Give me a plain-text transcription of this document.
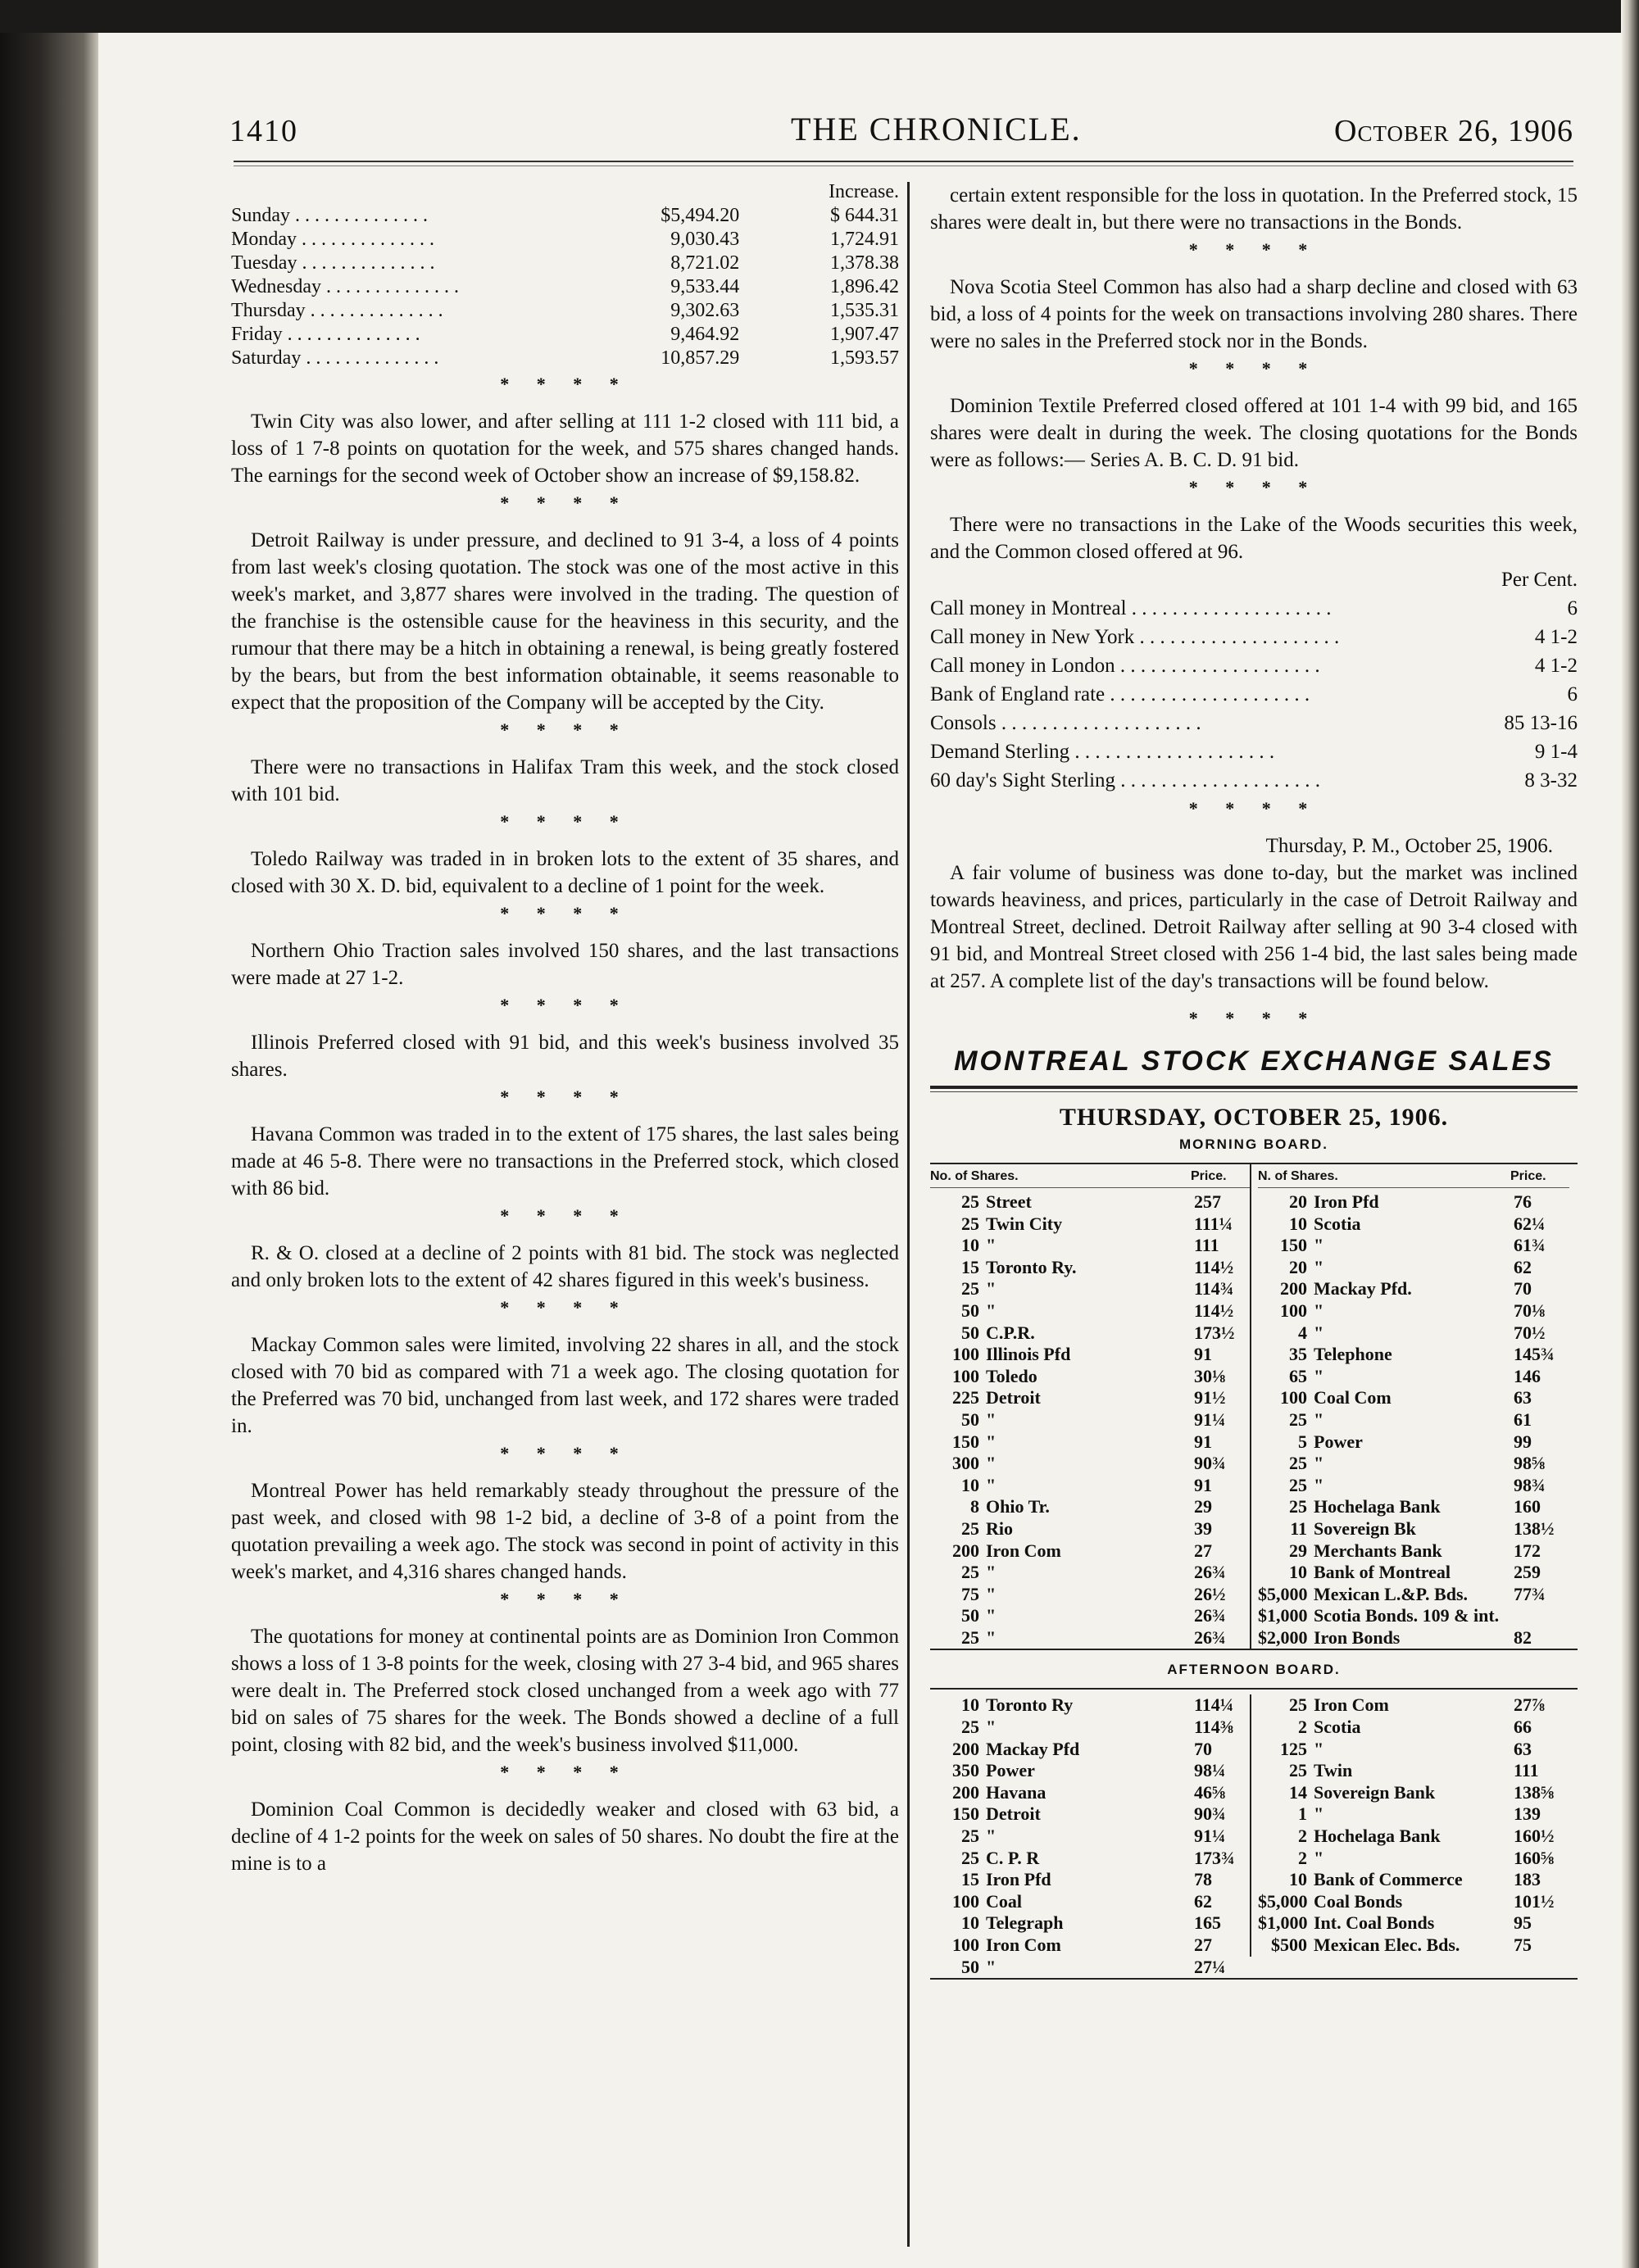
1410	THE CHRONICLE.	October 26, 1906
		Increase.
Sunday . . . . . . . . . . . . . .	$5,494.20	$ 644.31
Monday . . . . . . . . . . . . . .	9,030.43	1,724.91
Tuesday . . . . . . . . . . . . . .	8,721.02	1,378.38
Wednesday . . . . . . . . . . . . . .	9,533.44	1,896.42
Thursday . . . . . . . . . . . . . .	9,302.63	1,535.31
Friday . . . . . . . . . . . . . .	9,464.92	1,907.47
Saturday . . . . . . . . . . . . . .	10,857.29	1,593.57
* * * *

Twin City was also lower, and after selling at 111 1-2 closed with 111 bid, a loss of 1 7-8 points on quotation for the week, and 575 shares changed hands. The earnings for the second week of October show an increase of $9,158.82.

* * * *

Detroit Railway is under pressure, and declined to 91 3-4, a loss of 4 points from last week's closing quotation. The stock was one of the most active in this week's market, and 3,877 shares were involved in the trading. The question of the franchise is the ostensible cause for the heaviness in this security, and the rumour that there may be a hitch in obtaining a renewal, is being greatly fostered by the bears, but from the best information obtainable, it seems reasonable to expect that the proposition of the Company will be accepted by the City.

* * * *

There were no transactions in Halifax Tram this week, and the stock closed with 101 bid.

* * * *

Toledo Railway was traded in in broken lots to the extent of 35 shares, and closed with 30 X. D. bid, equivalent to a decline of 1 point for the week.

* * * *

Northern Ohio Traction sales involved 150 shares, and the last transactions were made at 27 1-2.

* * * *

Illinois Preferred closed with 91 bid, and this week's business involved 35 shares.

* * * *

Havana Common was traded in to the extent of 175 shares, the last sales being made at 46 5-8. There were no transactions in the Preferred stock, which closed with 86 bid.

* * * *

R. & O. closed at a decline of 2 points with 81 bid. The stock was neglected and only broken lots to the extent of 42 shares figured in this week's business.

* * * *

Mackay Common sales were limited, involving 22 shares in all, and the stock closed with 70 bid as compared with 71 a week ago. The closing quotation for the Preferred was 70 bid, unchanged from last week, and 172 shares were traded in.

* * * *

Montreal Power has held remarkably steady throughout the pressure of the past week, and closed with 98 1-2 bid, a decline of 3-8 of a point from the quotation prevailing a week ago. The stock was second in point of activity in this week's market, and 4,316 shares changed hands.

* * * *

The quotations for money at continental points are as Dominion Iron Common shows a loss of 1 3-8 points for the week, closing with 27 3-4 bid, and 965 shares were dealt in. The Preferred stock closed unchanged from a week ago with 77 bid on sales of 75 shares for the week. The Bonds showed a decline of a full point, closing with 82 bid, and the week's business involved $11,000.

* * * *

Dominion Coal Common is decidedly weaker and closed with 63 bid, a decline of 4 1-2 points for the week on sales of 50 shares. No doubt the fire at the mine is to a

certain extent responsible for the loss in quotation. In the Preferred stock, 15 shares were dealt in, but there were no transactions in the Bonds.

* * * *

Nova Scotia Steel Common has also had a sharp decline and closed with 63 bid, a loss of 4 points for the week on transactions involving 280 shares. There were no sales in the Preferred stock nor in the Bonds.

* * * *

Dominion Textile Preferred closed offered at 101 1-4 with 99 bid, and 165 shares were dealt in during the week. The closing quotations for the Bonds were as follows:— Series A. B. C. D. 91 bid.

* * * *

There were no transactions in the Lake of the Woods securities this week, and the Common closed offered at 96.

	Per Cent.
Call money in Montreal . . . . . . . . . . . . . . . . . . . .	6
Call money in New York . . . . . . . . . . . . . . . . . . . .	4 1-2
Call money in London . . . . . . . . . . . . . . . . . . . .	4 1-2
Bank of England rate . . . . . . . . . . . . . . . . . . . .	6
Consols . . . . . . . . . . . . . . . . . . . .	85 13-16
Demand Sterling . . . . . . . . . . . . . . . . . . . .	9 1-4
60 day's Sight Sterling . . . . . . . . . . . . . . . . . . . .	8 3-32
* * * *
Thursday, P. M., October 25, 1906.

A fair volume of business was done to-day, but the market was inclined towards heaviness, and prices, particularly in the case of Detroit Railway and Montreal Street, declined. Detroit Railway after selling at 90 3-4 closed with 91 bid, and Montreal Street closed with 256 1-4 bid, the last sales being made at 257. A complete list of the day's transactions will be found below.

* * * *
MONTREAL STOCK EXCHANGE SALES
THURSDAY, OCTOBER 25, 1906.
MORNING BOARD.
No. of Shares.	Price.
25 Street	257
25 Twin City	111¼
10 "	111
15 Toronto Ry.	114½
25 "	114¾
50 "	114½
50 C.P.R.	173½
100 Illinois Pfd	91
100 Toledo	30⅛
225 Detroit	91½
50 "	91¼
150 "	91
300 "	90¾
10 "	91
8 Ohio Tr.	29
25 Rio	39
200 Iron Com	27
25 "	26¾
75 "	26½
50 "	26¾
25 "	26¾
N. of Shares.	Price.
20 Iron Pfd	76
10 Scotia	62¼
150 "	61¾
20 "	62
200 Mackay Pfd.	70
100 "	70⅛
4 "	70½
35 Telephone	145¾
65 "	146
100 Coal Com	63
25 "	61
5 Power	99
25 "	98⅝
25 "	98¾
25 Hochelaga Bank	160
11 Sovereign Bk	138½
29 Merchants Bank	172
10 Bank of Montreal	259
$5,000 Mexican L.&P. Bds.	77¾
$1,000 Scotia Bonds. 109 & int.
$2,000 Iron Bonds	82
AFTERNOON BOARD.
10 Toronto Ry	114¼
25 "	114⅜
200 Mackay Pfd	70
350 Power	98¼
200 Havana	46⅝
150 Detroit	90¾
25 "	91¼
25 C. P. R	173¾
15 Iron Pfd	78
100 Coal	62
10 Telegraph	165
100 Iron Com	27
50 "	27¼
25 Iron Com	27⅞
2 Scotia	66
125 "	63
25 Twin	111
14 Sovereign Bank	138⅝
1 "	139
2 Hochelaga Bank	160½
2 "	160⅝
10 Bank of Commerce	183
$5,000 Coal Bonds	101½
$1,000 Int. Coal Bonds	95
$500 Mexican Elec. Bds.	75
